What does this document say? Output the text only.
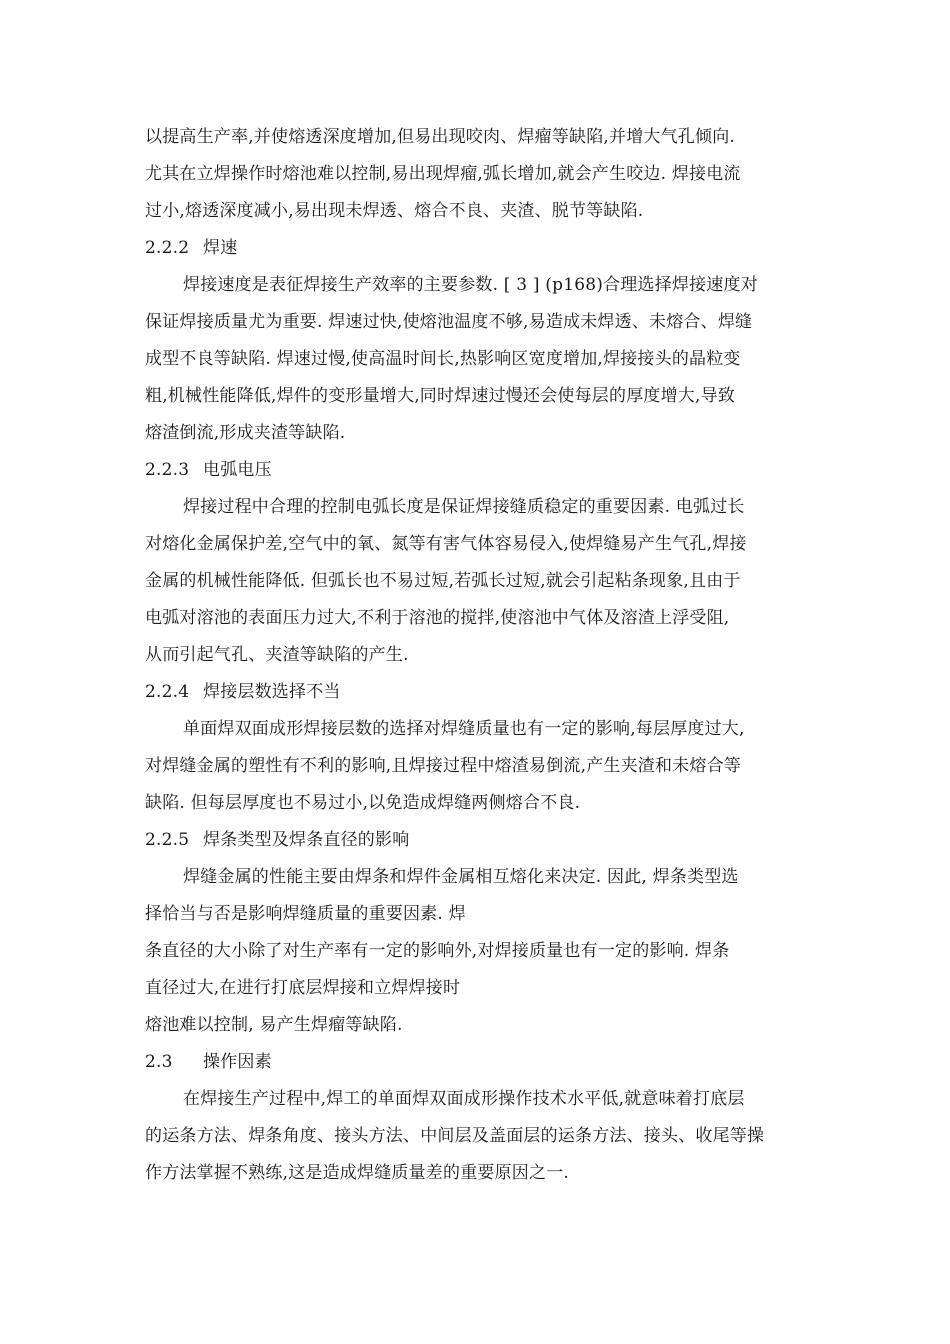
以提高生产率,并使熔透深度增加,但易出现咬肉、焊瘤等缺陷,并增大气孔倾向.
尤其在立焊操作时熔池难以控制,易出现焊瘤,弧长增加,就会产生咬边. 焊接电流
过小,熔透深度减小,易出现未焊透、熔合不良、夹渣、脱节等缺陷.
2.2.2 焊速
焊接速度是表征焊接生产效率的主要参数. [ 3 ] (p168)合理选择焊接速度对
保证焊接质量尤为重要. 焊速过快,使熔池温度不够,易造成未焊透、未熔合、焊缝
成型不良等缺陷. 焊速过慢,使高温时间长,热影响区宽度增加,焊接接头的晶粒变
粗,机械性能降低,焊件的变形量增大,同时焊速过慢还会使每层的厚度增大,导致
熔渣倒流,形成夹渣等缺陷.
2.2.3 电弧电压
焊接过程中合理的控制电弧长度是保证焊接缝质稳定的重要因素. 电弧过长
对熔化金属保护差,空气中的氧、氮等有害气体容易侵入,使焊缝易产生气孔,焊接
金属的机械性能降低. 但弧长也不易过短,若弧长过短,就会引起粘条现象,且由于
电弧对溶池的表面压力过大,不利于溶池的搅拌,使溶池中气体及溶渣上浮受阻,
从而引起气孔、夹渣等缺陷的产生.
2.2.4 焊接层数选择不当
单面焊双面成形焊接层数的选择对焊缝质量也有一定的影响,每层厚度过大,
对焊缝金属的塑性有不利的影响,且焊接过程中熔渣易倒流,产生夹渣和未熔合等
缺陷. 但每层厚度也不易过小,以免造成焊缝两侧熔合不良.
2.2.5 焊条类型及焊条直径的影响
焊缝金属的性能主要由焊条和焊件金属相互熔化来决定. 因此, 焊条类型选
择恰当与否是影响焊缝质量的重要因素. 焊
条直径的大小除了对生产率有一定的影响外,对焊接质量也有一定的影响. 焊条
直径过大,在进行打底层焊接和立焊焊接时
熔池难以控制, 易产生焊瘤等缺陷.
2.3 操作因素
在焊接生产过程中,焊工的单面焊双面成形操作技术水平低,就意味着打底层
的运条方法、焊条角度、接头方法、中间层及盖面层的运条方法、接头、收尾等操
作方法掌握不熟练,这是造成焊缝质量差的重要原因之一.
